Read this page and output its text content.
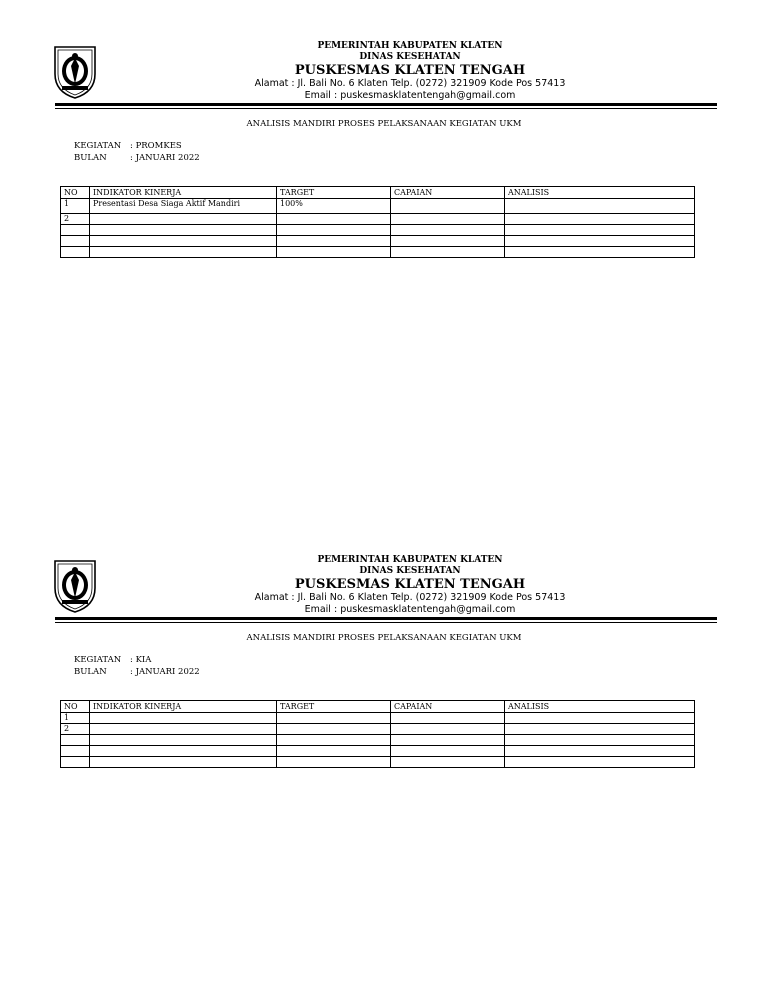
PEMERINTAH KABUPATEN KLATEN
DINAS KESEHATAN
PUSKESMAS KLATEN TENGAH
Alamat : Jl. Bali No. 6 Klaten Telp. (0272) 321909 Kode Pos 57413
Email : puskesmasklatentengah@gmail.com
ANALISIS MANDIRI PROSES PELAKSANAAN KEGIATAN UKM
KEGIATAN	: PROMKES
BULAN	: JANUARI 2022
NO	INDIKATOR KINERJA	TARGET	CAPAIAN	ANALISIS
1	Presentasi Desa Siaga Aktif Mandiri	100%		
2				

PEMERINTAH KABUPATEN KLATEN
DINAS KESEHATAN
PUSKESMAS KLATEN TENGAH
Alamat : Jl. Bali No. 6 Klaten Telp. (0272) 321909 Kode Pos 57413
Email : puskesmasklatentengah@gmail.com
ANALISIS MANDIRI PROSES PELAKSANAAN KEGIATAN UKM
KEGIATAN	: KIA
BULAN	: JANUARI 2022
NO	INDIKATOR KINERJA	TARGET	CAPAIAN	ANALISIS
1				
2				
